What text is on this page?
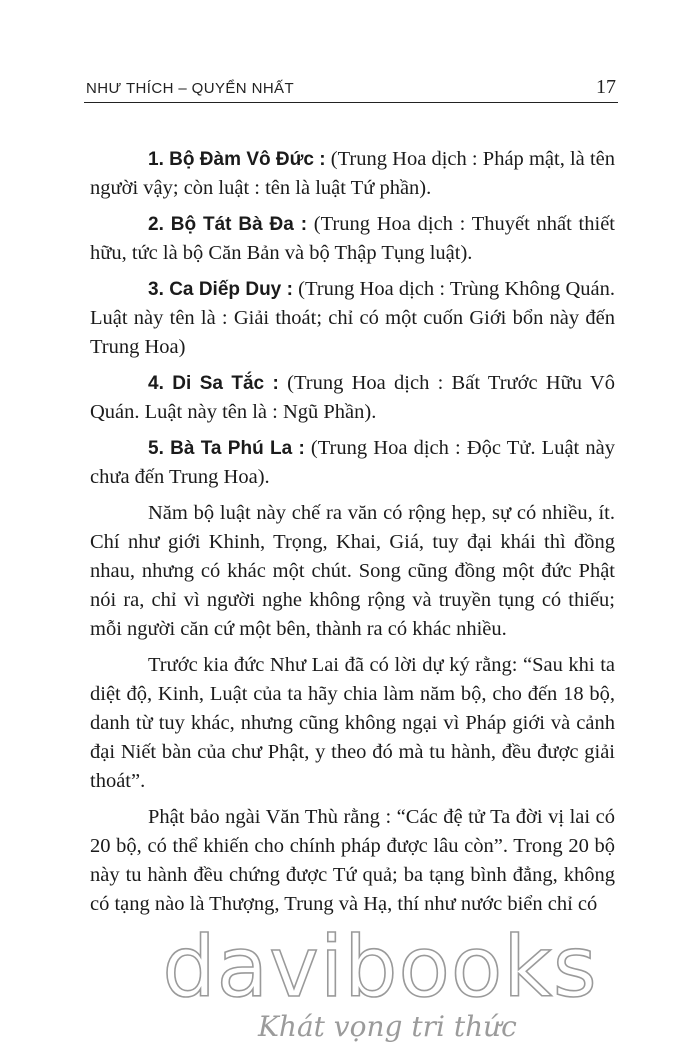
NHƯ THÍCH – QUYỂN NHẤT	17

1. Bộ Đàm Vô Đức : (Trung Hoa dịch : Pháp mật, là tên người vậy; còn luật : tên là luật Tứ phần).

2. Bộ Tát Bà Đa : (Trung Hoa dịch : Thuyết nhất thiết hữu, tức là bộ Căn Bản và bộ Thập Tụng luật).

3. Ca Diếp Duy : (Trung Hoa dịch : Trùng Không Quán. Luật này tên là : Giải thoát; chỉ có một cuốn Giới bổn này đến Trung Hoa)

4. Di Sa Tắc : (Trung Hoa dịch : Bất Trước Hữu Vô Quán. Luật này tên là : Ngũ Phần).

5. Bà Ta Phú La : (Trung Hoa dịch : Độc Tử. Luật này chưa đến Trung Hoa).

Năm bộ luật này chế ra văn có rộng hẹp, sự có nhiều, ít. Chí như giới Khinh, Trọng, Khai, Giá, tuy đại khái thì đồng nhau, nhưng có khác một chút. Song cũng đồng một đức Phật nói ra, chỉ vì người nghe không rộng và truyền tụng có thiếu; mỗi người căn cứ một bên, thành ra có khác nhiều.

Trước kia đức Như Lai đã có lời dự ký rằng: “Sau khi ta diệt độ, Kinh, Luật của ta hãy chia làm năm bộ, cho đến 18 bộ, danh từ tuy khác, nhưng cũng không ngại vì Pháp giới và cảnh đại Niết bàn của chư Phật, y theo đó mà tu hành, đều được giải thoát”.

Phật bảo ngài Văn Thù rằng : “Các đệ tử Ta đời vị lai có 20 bộ, có thể khiến cho chính pháp được lâu còn”. Trong 20 bộ này tu hành đều chứng được Tứ quả; ba tạng bình đẳng, không có tạng nào là Thượng, Trung và Hạ, thí như nước biển chỉ có

davibooks
Khát vọng tri thức
